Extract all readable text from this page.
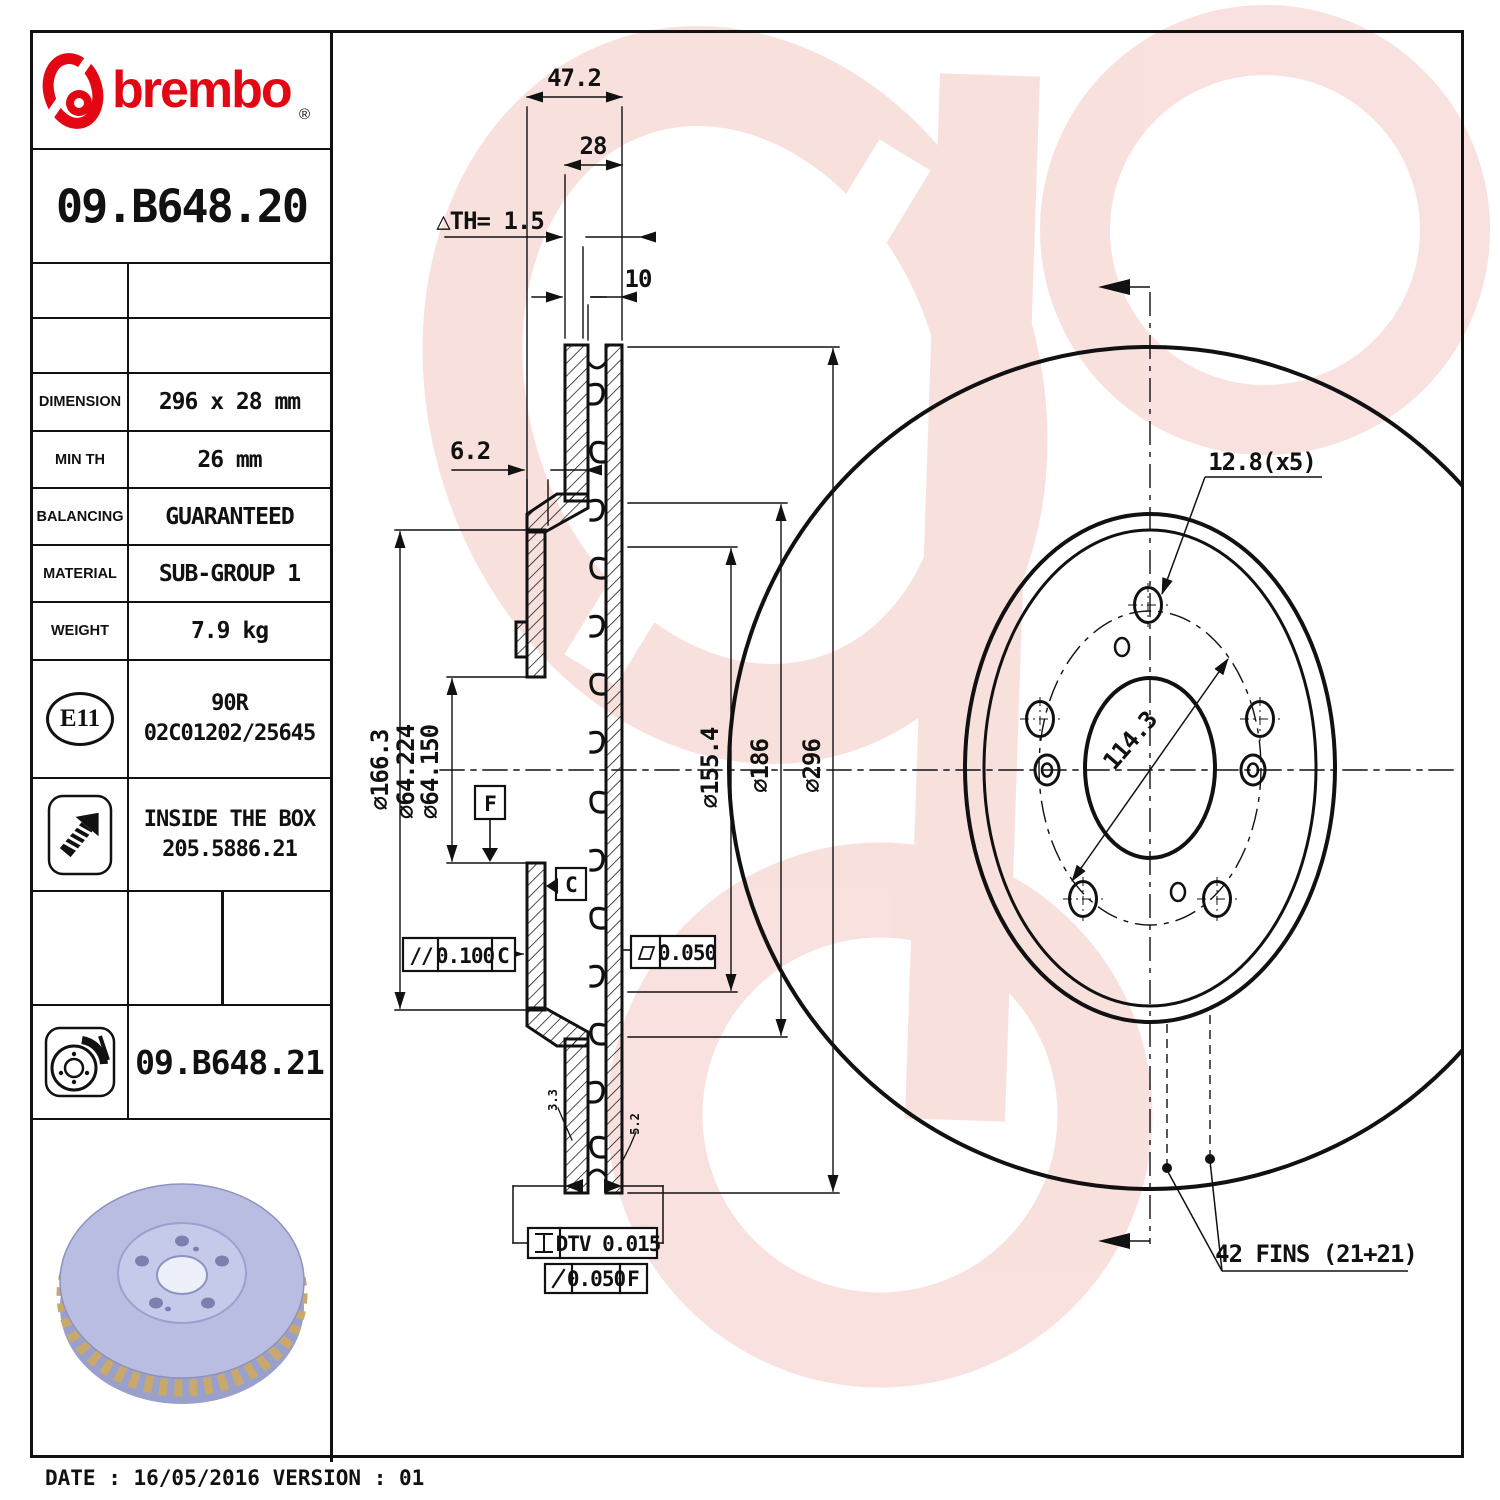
47.2
28
△TH= 1.5
10
6.2
∅166.3
∅64.224
∅64.150	∅155.4 ∅186 ∅296
F
C
// 0.100 C	0.050
DTV 0.015
0.050 F
3.3
5.2
12.8(x5)
114.3
42 FINS (21+21)
brembo ®
09.B648.20
DIMENSION 296 x 28 mm
MIN TH	26 mm
BALANCING GUARANTEED
MATERIAL SUB-GROUP 1
WEIGHT	7.9 kg
E11
90R
02C01202/25645
INSIDE THE BOX
205.5886.21
09.B648.21
DATE : 16/05/2016 VERSION : 01
